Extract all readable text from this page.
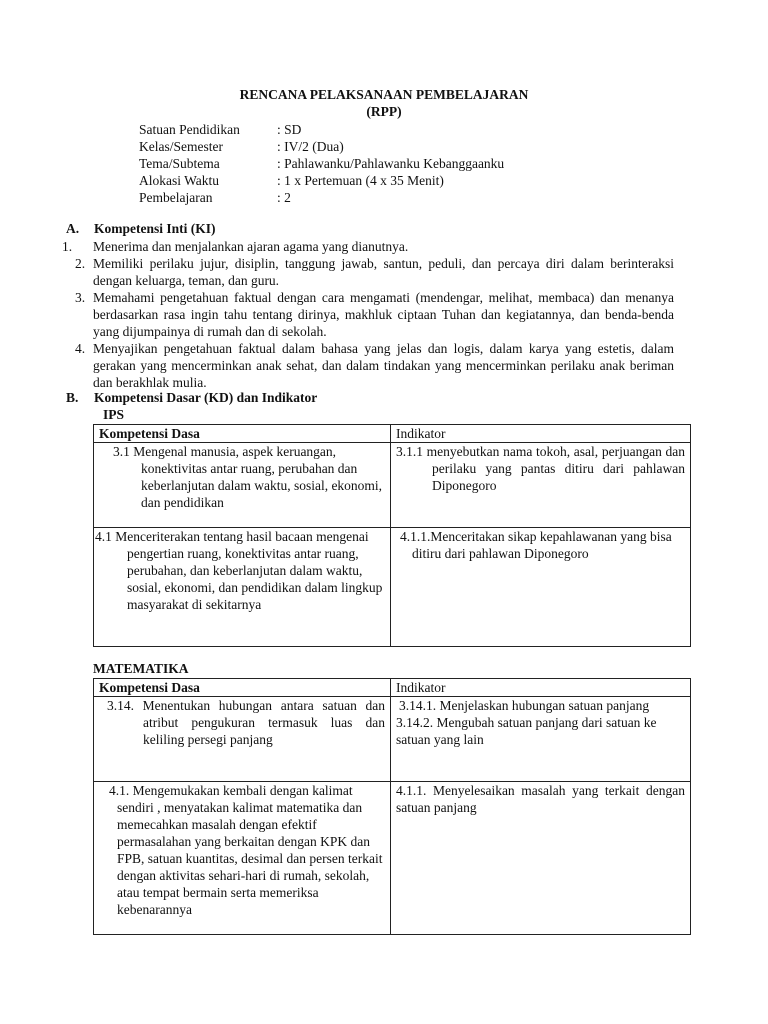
RENCANA PELAKSANAAN PEMBELAJARAN
(RPP)
Satuan Pendidikan	: SD
Kelas/Semester	: IV/2 (Dua)
Tema/Subtema	: Pahlawanku/Pahlawanku Kebanggaanku
Alokasi Waktu	: 1 x Pertemuan (4 x 35 Menit)
Pembelajaran	: 2
A. Kompetensi Inti (KI)
1. Menerima dan menjalankan ajaran agama yang dianutnya.
2. Memiliki perilaku jujur, disiplin, tanggung jawab, santun, peduli, dan percaya diri dalam berinteraksi dengan keluarga, teman, dan guru.
3. Memahami pengetahuan faktual dengan cara mengamati (mendengar, melihat, membaca) dan menanya berdasarkan rasa ingin tahu tentang dirinya, makhluk ciptaan Tuhan dan kegiatannya, dan benda-benda yang dijumpainya di rumah dan di sekolah.
4. Menyajikan pengetahuan faktual dalam bahasa yang jelas dan logis, dalam karya yang estetis, dalam gerakan yang mencerminkan anak sehat, dan dalam tindakan yang mencerminkan perilaku anak beriman dan berakhlak mulia.
B. Kompetensi Dasar (KD) dan Indikator
IPS
Kompetensi Dasa	Indikator

3.1 Mengenal manusia, aspek keruangan, konektivitas antar ruang, perubahan dan keberlanjutan dalam waktu, sosial, ekonomi, dan pendidikan	3.1.1 menyebutkan nama tokoh, asal, perjuangan dan perilaku yang pantas ditiru dari pahlawan Diponegoro

4.1 Menceriterakan tentang hasil bacaan mengenai pengertian ruang, konektivitas antar ruang, perubahan, dan keberlanjutan dalam waktu, sosial, ekonomi, dan pendidikan dalam lingkup masyarakat di sekitarnya	4.1.1.Menceritakan sikap kepahlawanan yang bisa ditiru dari pahlawan Diponegoro
MATEMATIKA
Kompetensi Dasa	Indikator

3.14. Menentukan hubungan antara satuan dan atribut pengukuran termasuk luas dan keliling persegi panjang	3.14.1. Menjelaskan hubungan satuan panjang
3.14.2. Mengubah satuan panjang dari satuan ke satuan yang lain

4.1. Mengemukakan kembali dengan kalimat sendiri , menyatakan kalimat matematika dan memecahkan masalah dengan efektif permasalahan yang berkaitan dengan KPK dan FPB, satuan kuantitas, desimal dan persen terkait dengan aktivitas sehari-hari di rumah, sekolah, atau tempat bermain serta memeriksa kebenarannya	4.1.1. Menyelesaikan masalah yang terkait dengan satuan panjang
